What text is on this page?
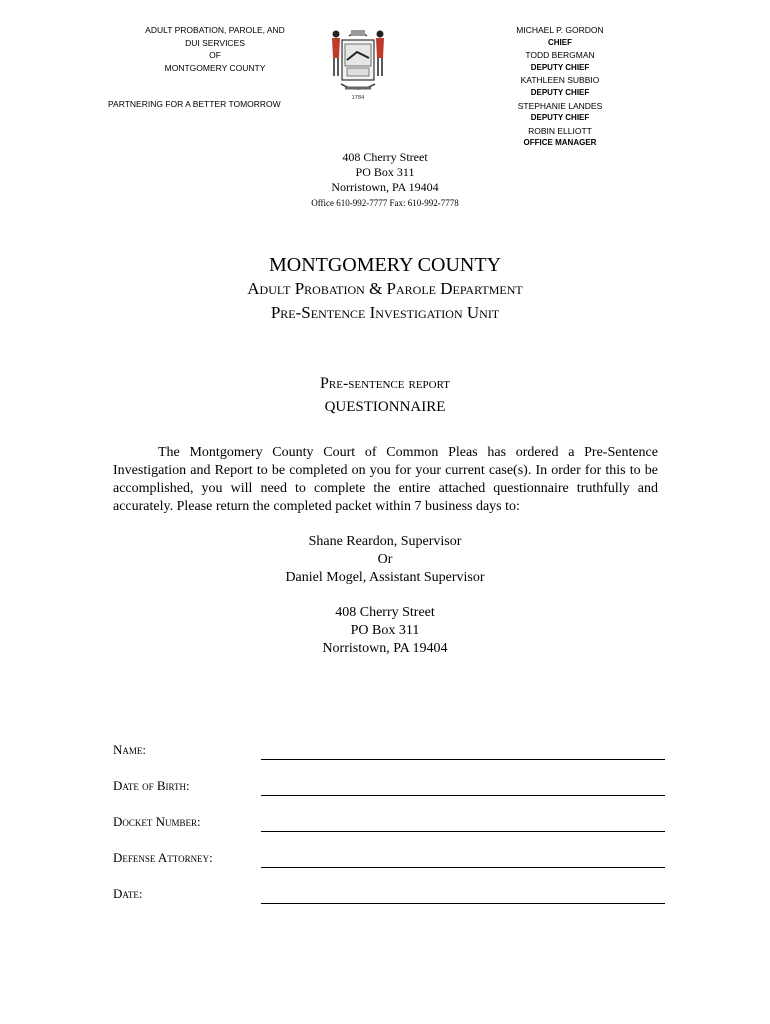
ADULT PROBATION, PAROLE, AND
DUI SERVICES
OF
MONTGOMERY COUNTY
PARTNERING FOR A BETTER TOMORROW
1784
MICHAEL P. GORDON
CHIEF
TODD BERGMAN
DEPUTY CHIEF
KATHLEEN SUBBIO
DEPUTY CHIEF
STEPHANIE LANDES
DEPUTY CHIEF
ROBIN ELLIOTT
OFFICE MANAGER
408 Cherry Street
PO Box 311
Norristown, PA 19404
Office 610-992-7777 Fax: 610-992-7778
MONTGOMERY COUNTY
Adult Probation & Parole Department
Pre-Sentence Investigation Unit
Pre-sentence report
QUESTIONNAIRE
The Montgomery County Court of Common Pleas has ordered a Pre-Sentence Investigation and Report to be completed on you for your current case(s). In order for this to be accomplished, you will need to complete the entire attached questionnaire truthfully and accurately. Please return the completed packet within 7 business days to:
Shane Reardon, Supervisor
Or
Daniel Mogel, Assistant Supervisor
408 Cherry Street
PO Box 311
Norristown, PA 19404
Name:
Date of Birth:
Docket Number:
Defense Attorney:
Date:
